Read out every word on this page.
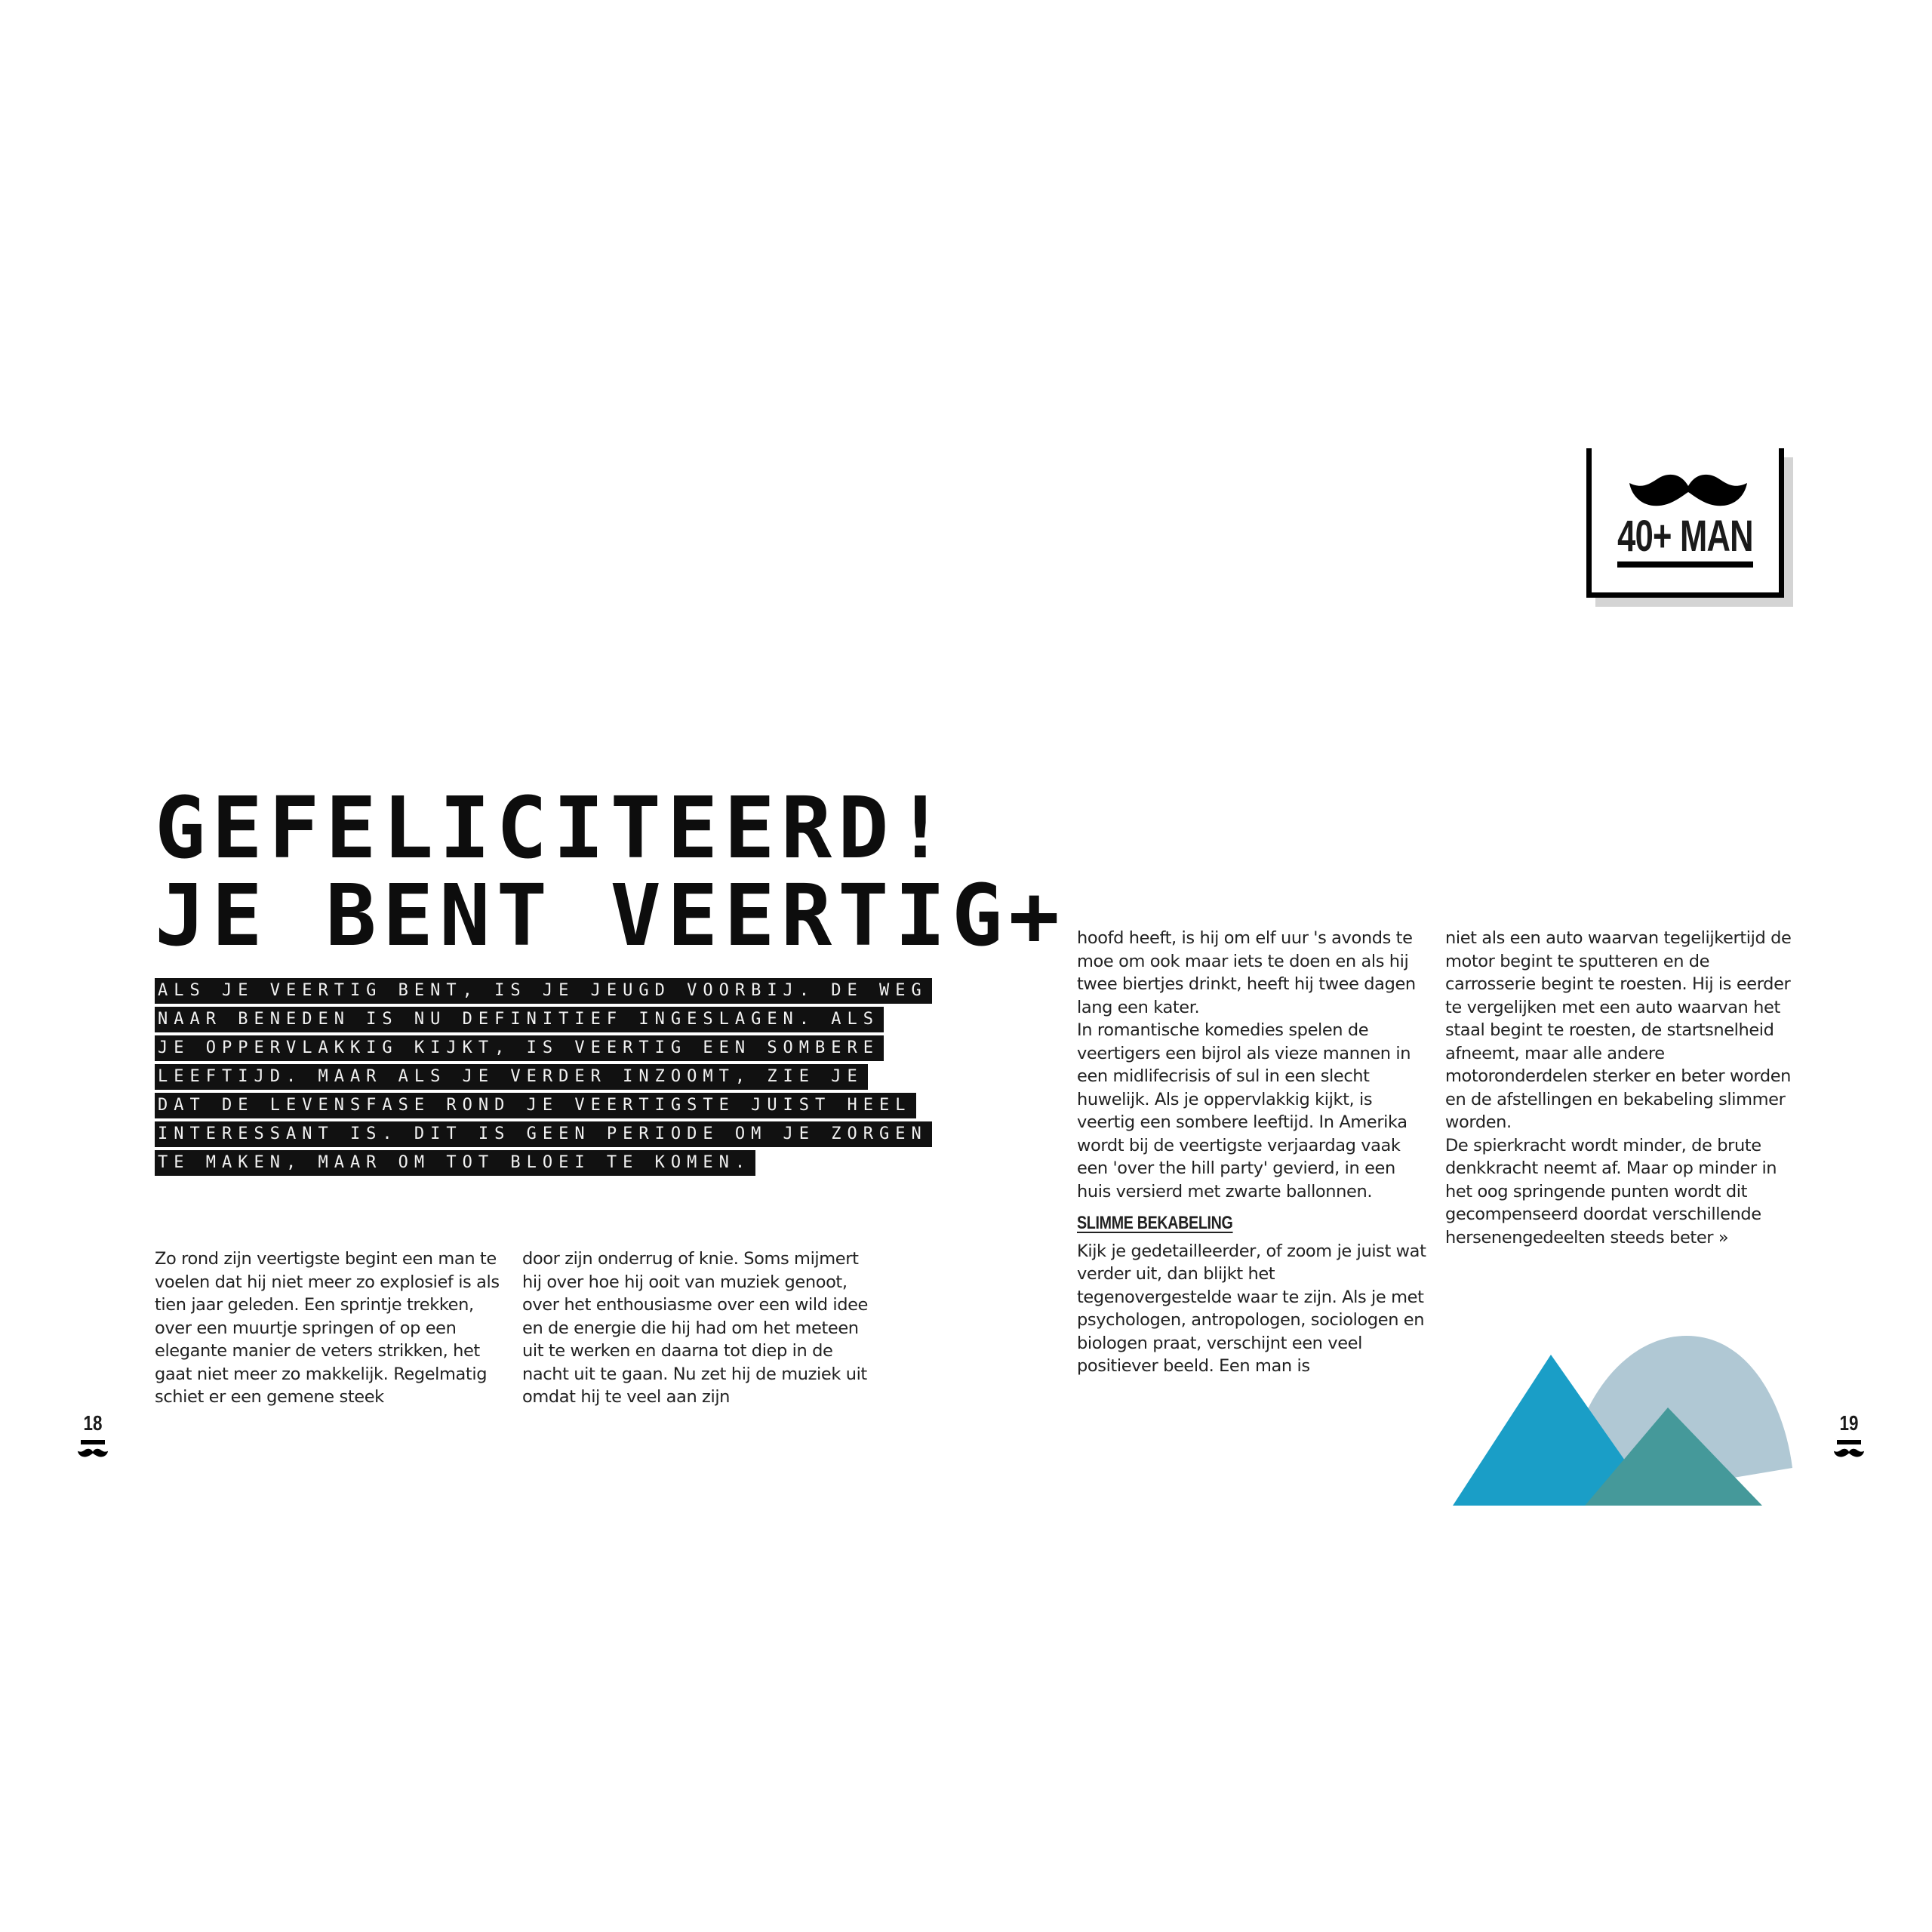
40+ MAN
GEFELICITEERD!
JE BENT VEERTIG+
ALS JE VEERTIG BENT, IS JE JEUGD VOORBIJ. DE WEG
NAAR BENEDEN IS NU DEFINITIEF INGESLAGEN. ALS
JE OPPERVLAKKIG KIJKT, IS VEERTIG EEN SOMBERE
LEEFTIJD. MAAR ALS JE VERDER INZOOMT, ZIE JE
DAT DE LEVENSFASE ROND JE VEERTIGSTE JUIST HEEL
INTERESSANT IS. DIT IS GEEN PERIODE OM JE ZORGEN
TE MAKEN, MAAR OM TOT BLOEI TE KOMEN.

Zo rond zijn veertigste begint een man te voelen dat hij niet meer zo explosief is als tien jaar geleden. Een sprintje trekken, over een muurtje springen of op een elegante manier de veters strikken, het gaat niet meer zo makkelijk. Regelmatig schiet er een gemene steek

door zijn onderrug of knie. Soms mijmert hij over hoe hij ooit van muziek genoot, over het enthousiasme over een wild idee en de energie die hij had om het meteen uit te werken en daarna tot diep in de nacht uit te gaan. Nu zet hij de muziek uit omdat hij te veel aan zijn

hoofd heeft, is hij om elf uur 's avonds te moe om ook maar iets te doen en als hij twee biertjes drinkt, heeft hij twee dagen lang een kater.

In romantische komedies spelen de veertigers een bijrol als vieze mannen in een midlifecrisis of sul in een slecht huwelijk. Als je oppervlakkig kijkt, is veertig een sombere leeftijd. In Amerika wordt bij de veertigste verjaardag vaak een 'over the hill party' gevierd, in een huis versierd met zwarte ballonnen.

SLIMME BEKABELING

Kijk je gedetailleerder, of zoom je juist wat verder uit, dan blijkt het tegenovergestelde waar te zijn. Als je met psychologen, antropologen, sociologen en biologen praat, verschijnt een veel positiever beeld. Een man is

niet als een auto waarvan tegelijkertijd de motor begint te sputteren en de carrosserie begint te roesten. Hij is eerder te vergelijken met een auto waarvan het staal begint te roesten, de startsnelheid afneemt, maar alle andere motoronderdelen sterker en beter worden en de afstellingen en bekabeling slimmer worden.

De spierkracht wordt minder, de brute denkkracht neemt af. Maar op minder in het oog springende punten wordt dit gecompenseerd doordat verschillende hersenengedeelten steeds beter »

18	19
